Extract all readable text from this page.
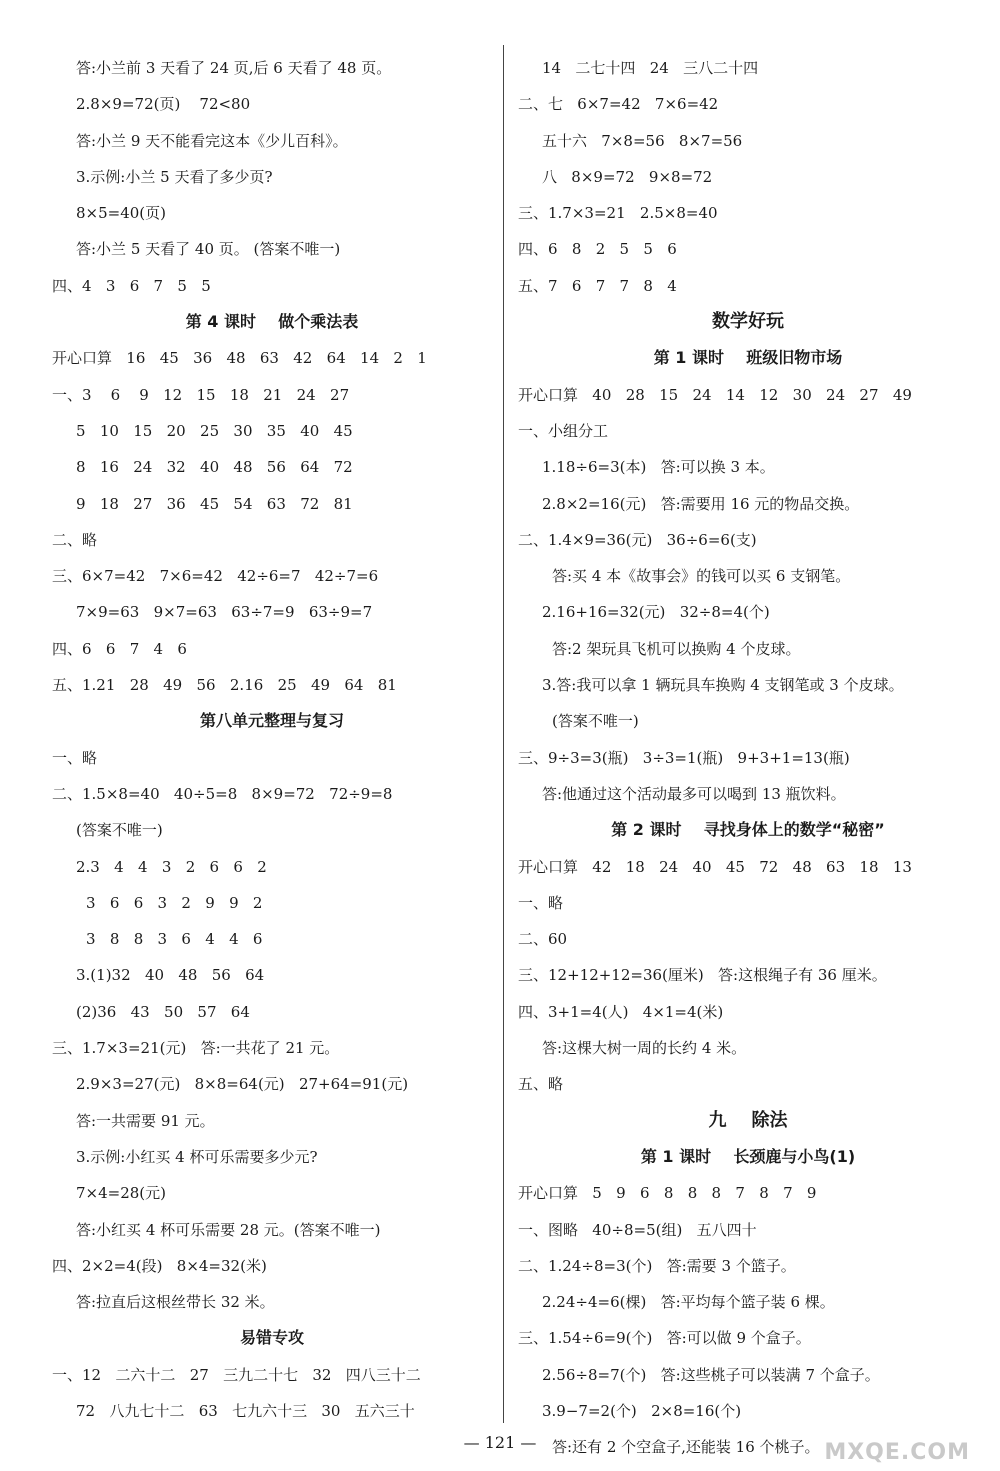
答:小兰前 3 天看了 24 页,后 6 天看了 48 页。
2.8×9=72(页)    72<80
答:小兰 9 天不能看完这本《少儿百科》。
3.示例:小兰 5 天看了多少页?
8×5=40(页)
答:小兰 5 天看了 40 页。 (答案不唯一)
四、4   3   6   7   5   5
第 4 课时    做个乘法表
开心口算   16   45   36   48   63   42   64   14   2   1
一、3    6    9   12   15   18   21   24   27
5   10   15   20   25   30   35   40   45
8   16   24   32   40   48   56   64   72
9   18   27   36   45   54   63   72   81
二、略
三、6×7=42   7×6=42   42÷6=7   42÷7=6
7×9=63   9×7=63   63÷7=9   63÷9=7
四、6   6   7   4   6
五、1.21   28   49   56   2.16   25   49   64   81
第八单元整理与复习
一、略
二、1.5×8=40   40÷5=8   8×9=72   72÷9=8
(答案不唯一)
2.3   4   4   3   2   6   6   2
3   6   6   3   2   9   9   2
3   8   8   3   6   4   4   6
3.(1)32   40   48   56   64
(2)36   43   50   57   64
三、1.7×3=21(元)   答:一共花了 21 元。
2.9×3=27(元)   8×8=64(元)   27+64=91(元)
答:一共需要 91 元。
3.示例:小红买 4 杯可乐需要多少元?
7×4=28(元)
答:小红买 4 杯可乐需要 28 元。(答案不唯一)
四、2×2=4(段)   8×4=32(米)
答:拉直后这根丝带长 32 米。
易错专攻
一、12   二六十二   27   三九二十七   32   四八三十二
72   八九七十二   63   七九六十三   30   五六三十
14   二七十四   24   三八二十四
二、七   6×7=42   7×6=42
五十六   7×8=56   8×7=56
八   8×9=72   9×8=72
三、1.7×3=21   2.5×8=40
四、6   8   2   5   5   6
五、7   6   7   7   8   4
数学好玩
第 1 课时    班级旧物市场
开心口算   40   28   15   24   14   12   30   24   27   49
一、小组分工
1.18÷6=3(本)   答:可以换 3 本。
2.8×2=16(元)   答:需要用 16 元的物品交换。
二、1.4×9=36(元)   36÷6=6(支)
答:买 4 本《故事会》的钱可以买 6 支钢笔。
2.16+16=32(元)   32÷8=4(个)
答:2 架玩具飞机可以换购 4 个皮球。
3.答:我可以拿 1 辆玩具车换购 4 支钢笔或 3 个皮球。
(答案不唯一)
三、9÷3=3(瓶)   3÷3=1(瓶)   9+3+1=13(瓶)
答:他通过这个活动最多可以喝到 13 瓶饮料。
第 2 课时    寻找身体上的数学“秘密”
开心口算   42   18   24   40   45   72   48   63   18   13
一、略
二、60
三、12+12+12=36(厘米)   答:这根绳子有 36 厘米。
四、3+1=4(人)   4×1=4(米)
答:这棵大树一周的长约 4 米。
五、略
九    除法
第 1 课时    长颈鹿与小鸟(1)
开心口算   5   9   6   8   8   8   7   8   7   9
一、图略   40÷8=5(组)   五八四十
二、1.24÷8=3(个)   答:需要 3 个篮子。
2.24÷4=6(棵)   答:平均每个篮子装 6 棵。
三、1.54÷6=9(个)   答:可以做 9 个盒子。
2.56÷8=7(个)   答:这些桃子可以装满 7 个盒子。
3.9−7=2(个)   2×8=16(个)
答:还有 2 个空盒子,还能装 16 个桃子。 MXQE.COM
— 121 —
